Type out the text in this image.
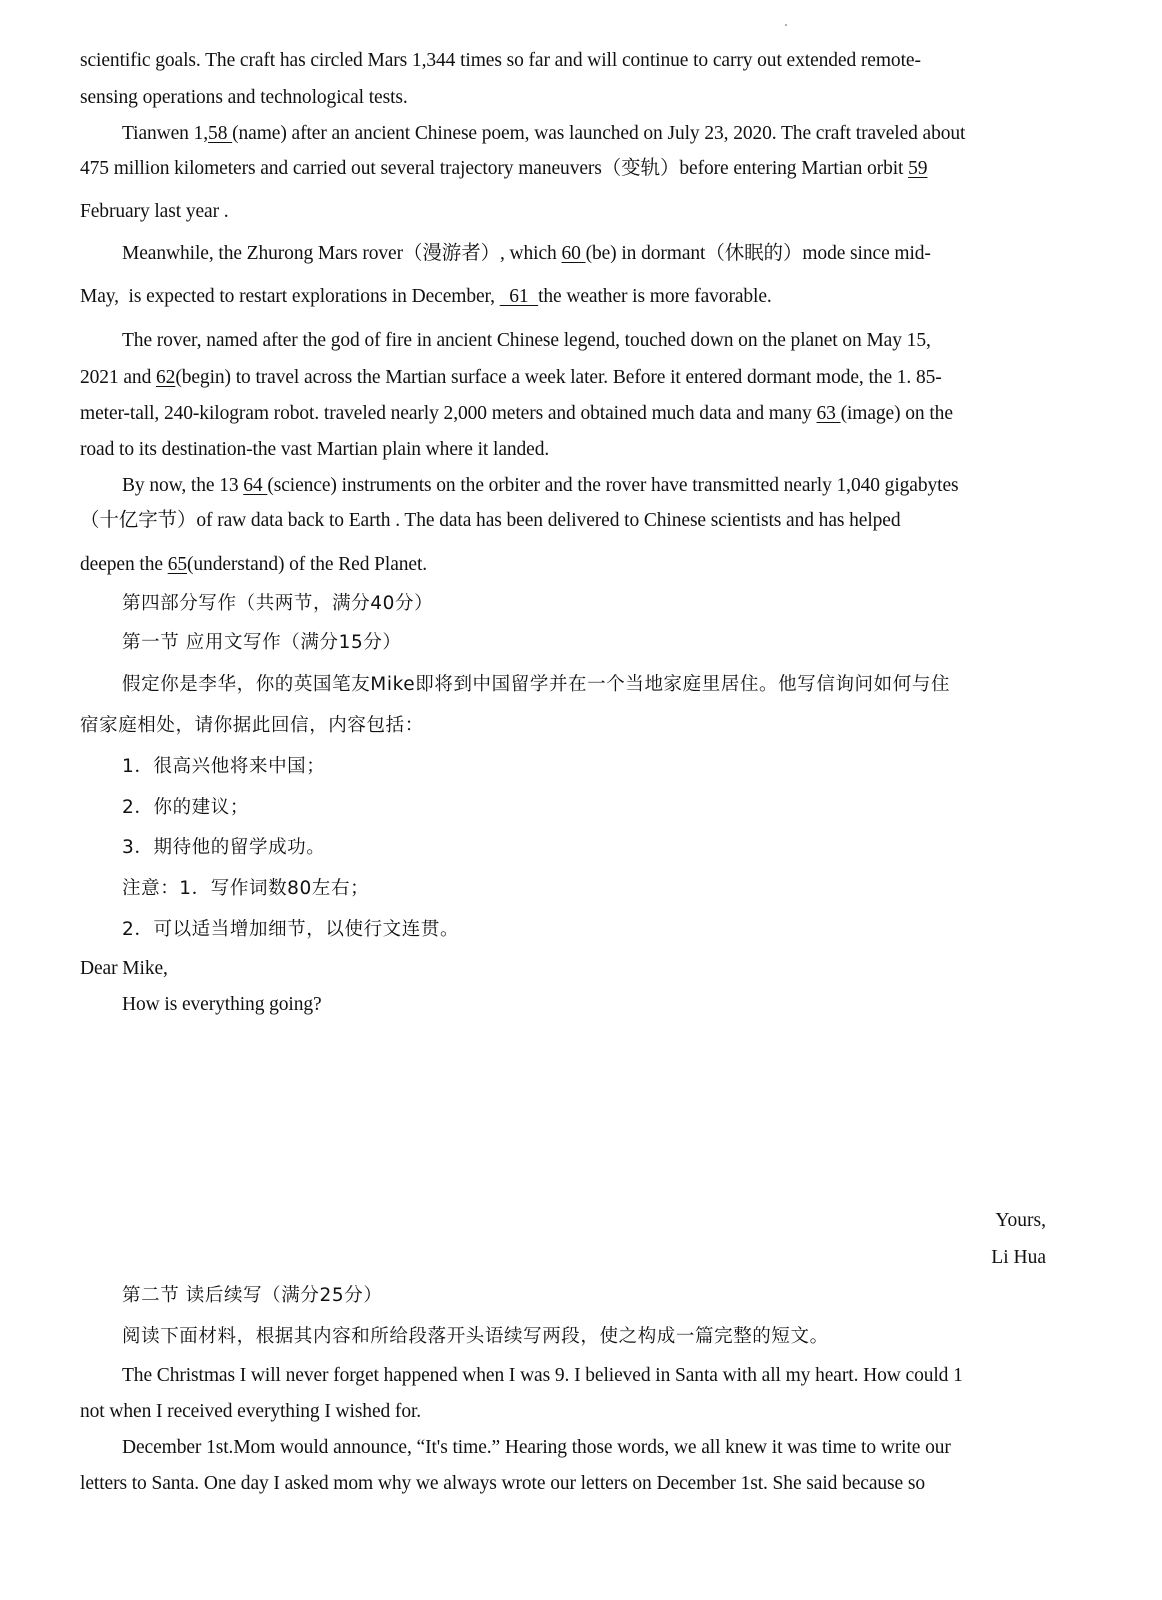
scientific goals. The craft has circled Mars 1,344 times so far and will continue to carry out extended remote-
sensing operations and technological tests.
Tianwen 1,58 (name) after an ancient Chinese poem, was launched on July 23, 2020. The craft traveled about
475 million kilometers and carried out several trajectory maneuvers（变轨）before entering Martian orbit 59
February last year .
Meanwhile, the Zhurong Mars rover（漫游者）, which 60 (be) in dormant（休眠的）mode since mid-
May,  is expected to restart explorations in December,   61  the weather is more favorable.
The rover, named after the god of fire in ancient Chinese legend, touched down on the planet on May 15,
2021 and 62(begin) to travel across the Martian surface a week later. Before it entered dormant mode, the 1. 85-
meter-tall, 240-kilogram robot. traveled nearly 2,000 meters and obtained much data and many 63 (image) on the
road to its destination-the vast Martian plain where it landed.
By now, the 13 64 (science) instruments on the orbiter and the rover have transmitted nearly 1,040 gigabytes
（十亿字节）of raw data back to Earth . The data has been delivered to Chinese scientists and has helped
deepen the 65(understand) of the Red Planet.
第四部分写作（共两节，满分40分）
第一节 应用文写作（满分15分）
假定你是李华，你的英国笔友Mike即将到中国留学并在一个当地家庭里居住。他写信询问如何与住
宿家庭相处，请你据此回信，内容包括：
1．很高兴他将来中国；
2．你的建议；
3．期待他的留学成功。
注意：1．写作词数80左右；
2．可以适当增加细节，以使行文连贯。
Dear Mike,
How is everything going?
Yours,
Li Hua
第二节 读后续写（满分25分）
阅读下面材料，根据其内容和所给段落开头语续写两段，使之构成一篇完整的短文。
The Christmas I will never forget happened when I was 9. I believed in Santa with all my heart. How could 1
not when I received everything I wished for.
December 1st.Mom would announce, “It's time.” Hearing those words, we all knew it was time to write our
letters to Santa. One day I asked mom why we always wrote our letters on December 1st. She said because so
